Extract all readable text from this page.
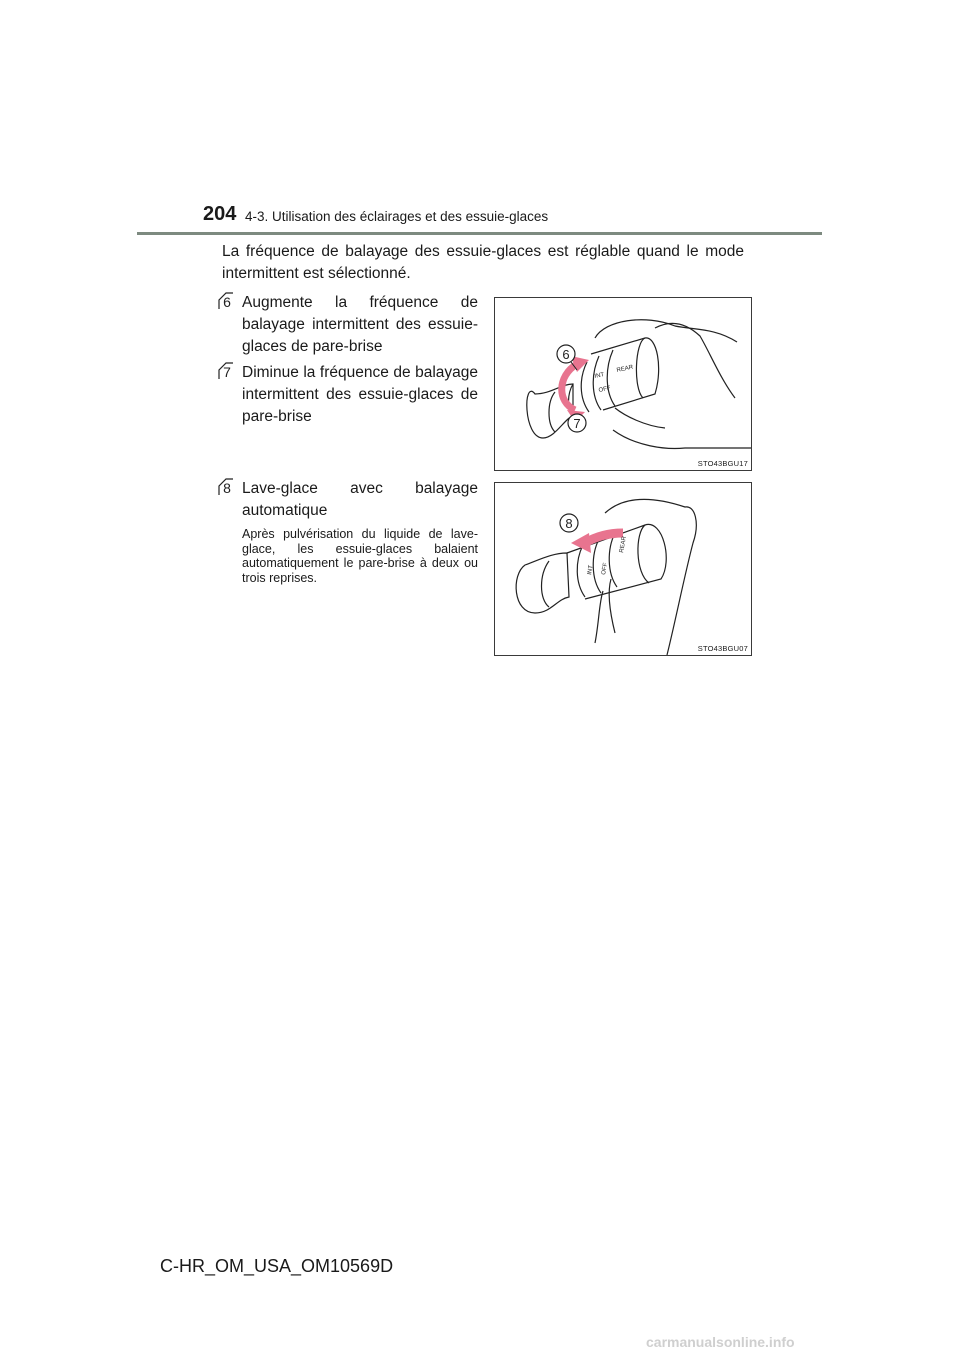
204 4-3. Utilisation des éclairages et des essuie-glaces
La fréquence de balayage des essuie-glaces est réglable quand le mode intermittent est sélectionné.
6 Augmente la fréquence de balayage intermittent des essuie-glaces de pare-brise
7 Diminue la fréquence de balayage intermittent des essuie-glaces de pare-brise
8 Lave-glace avec balayage automatique
Après pulvérisation du liquide de lave-glace, les essuie-glaces balaient automatiquement le pare-brise à deux ou trois reprises.
INT
OFF
REAR
6
7
STO43BGU17
INT OFF
REAR
8
STO43BGU07
C-HR_OM_USA_OM10569D
carmanualsonline.info
